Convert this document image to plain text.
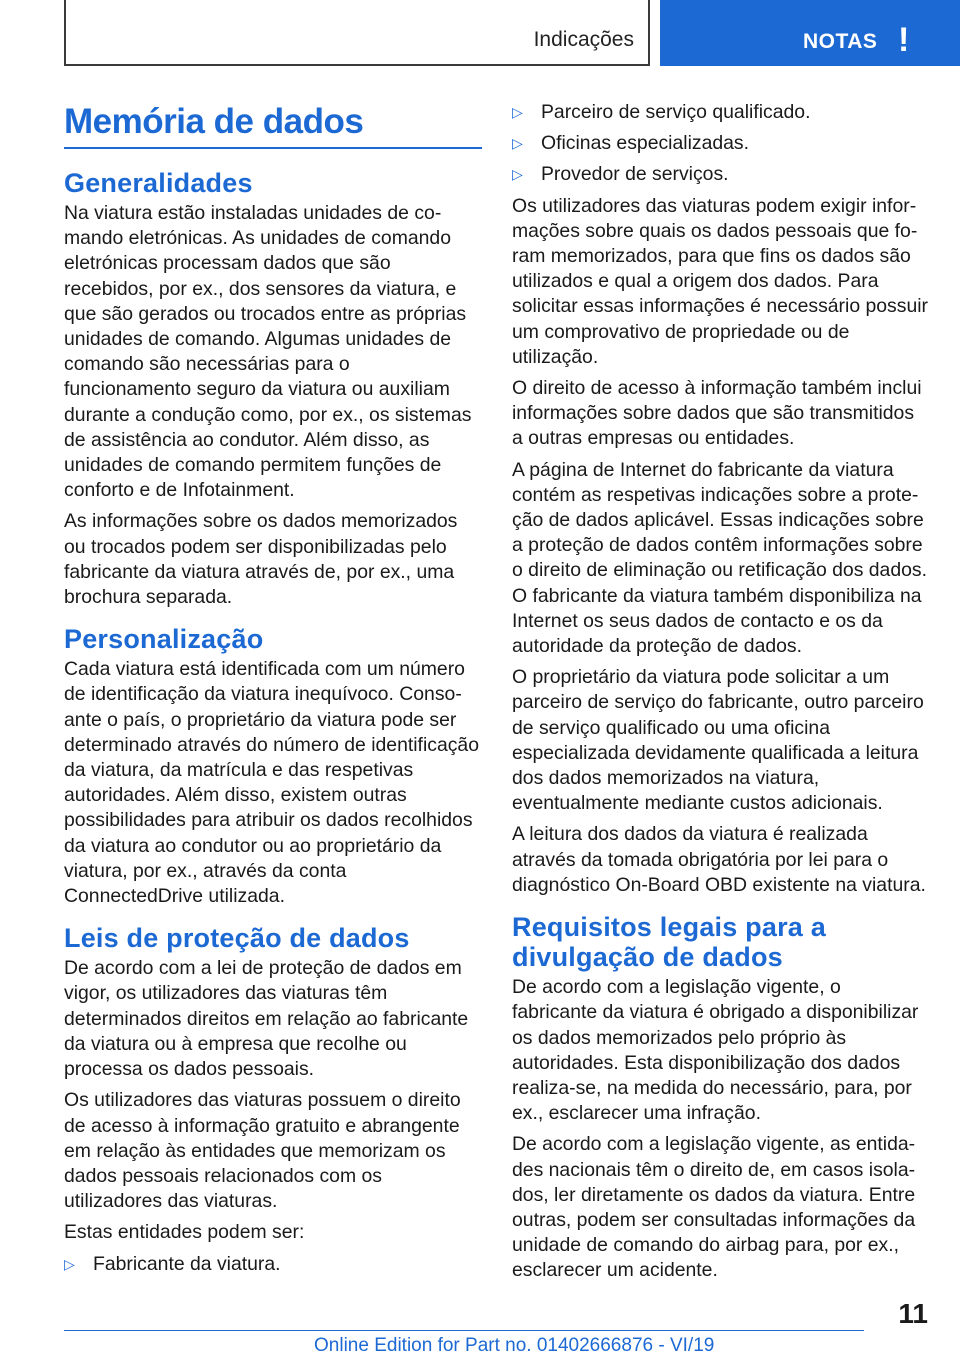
Indicações	NOTAS !
Memória de dados
Generalidades

Na viatura estão instaladas unidades de comando eletrónicas. As unidades de comando eletrónicas processam dados que são recebidos, por ex., dos sensores da viatura, e que são gerados ou trocados entre as próprias unidades de comando. Algumas unidades de comando são necessárias para o funcionamento seguro da viatura ou auxiliam durante a condução como, por ex., os sistemas de assistência ao condutor. Além disso, as unidades de comando permitem funções de conforto e de Infotainment.

As informações sobre os dados memorizados ou trocados podem ser disponibilizadas pelo fabricante da viatura através de, por ex., uma brochura separada.

Personalização

Cada viatura está identificada com um número de identificação da viatura inequívoco. Consoante o país, o proprietário da viatura pode ser determinado através do número de identificação da viatura, da matrícula e das respetivas autoridades. Além disso, existem outras possibilidades para atribuir os dados recolhidos da viatura ao condutor ou ao proprietário da viatura, por ex., através da conta ConnectedDrive utilizada.

Leis de proteção de dados

De acordo com a lei de proteção de dados em vigor, os utilizadores das viaturas têm determinados direitos em relação ao fabricante da viatura ou à empresa que recolhe ou processa os dados pessoais.

Os utilizadores das viaturas possuem o direito de acesso à informação gratuito e abrangente em relação às entidades que memorizam os dados pessoais relacionados com os utilizadores das viaturas.

Estas entidades podem ser:

▷ Fabricante da viatura.
▷ Parceiro de serviço qualificado.
▷ Oficinas especializadas.
▷ Provedor de serviços.

Os utilizadores das viaturas podem exigir informações sobre quais os dados pessoais que foram memorizados, para que fins os dados são utilizados e qual a origem dos dados. Para solicitar essas informações é necessário possuir um comprovativo de propriedade ou de utilização.

O direito de acesso à informação também inclui informações sobre dados que são transmitidos a outras empresas ou entidades.

A página de Internet do fabricante da viatura contém as respetivas indicações sobre a proteção de dados aplicável. Essas indicações sobre a proteção de dados contêm informações sobre o direito de eliminação ou retificação dos dados. O fabricante da viatura também disponibiliza na Internet os seus dados de contacto e os da autoridade da proteção de dados.

O proprietário da viatura pode solicitar a um parceiro de serviço do fabricante, outro parceiro de serviço qualificado ou uma oficina especializada devidamente qualificada a leitura dos dados memorizados na viatura, eventualmente mediante custos adicionais.

A leitura dos dados da viatura é realizada através da tomada obrigatória por lei para o diagnóstico On-Board OBD existente na viatura.

Requisitos legais para a divulgação de dados

De acordo com a legislação vigente, o fabricante da viatura é obrigado a disponibilizar os dados memorizados pelo próprio às autoridades. Esta disponibilização dos dados realiza-se, na medida do necessário, para, por ex., esclarecer uma infração.

De acordo com a legislação vigente, as entidades nacionais têm o direito de, em casos isolados, ler diretamente os dados da viatura. Entre outras, podem ser consultadas informações da unidade de comando do airbag para, por ex., esclarecer um acidente.

11
Online Edition for Part no. 01402666876 - VI/19
